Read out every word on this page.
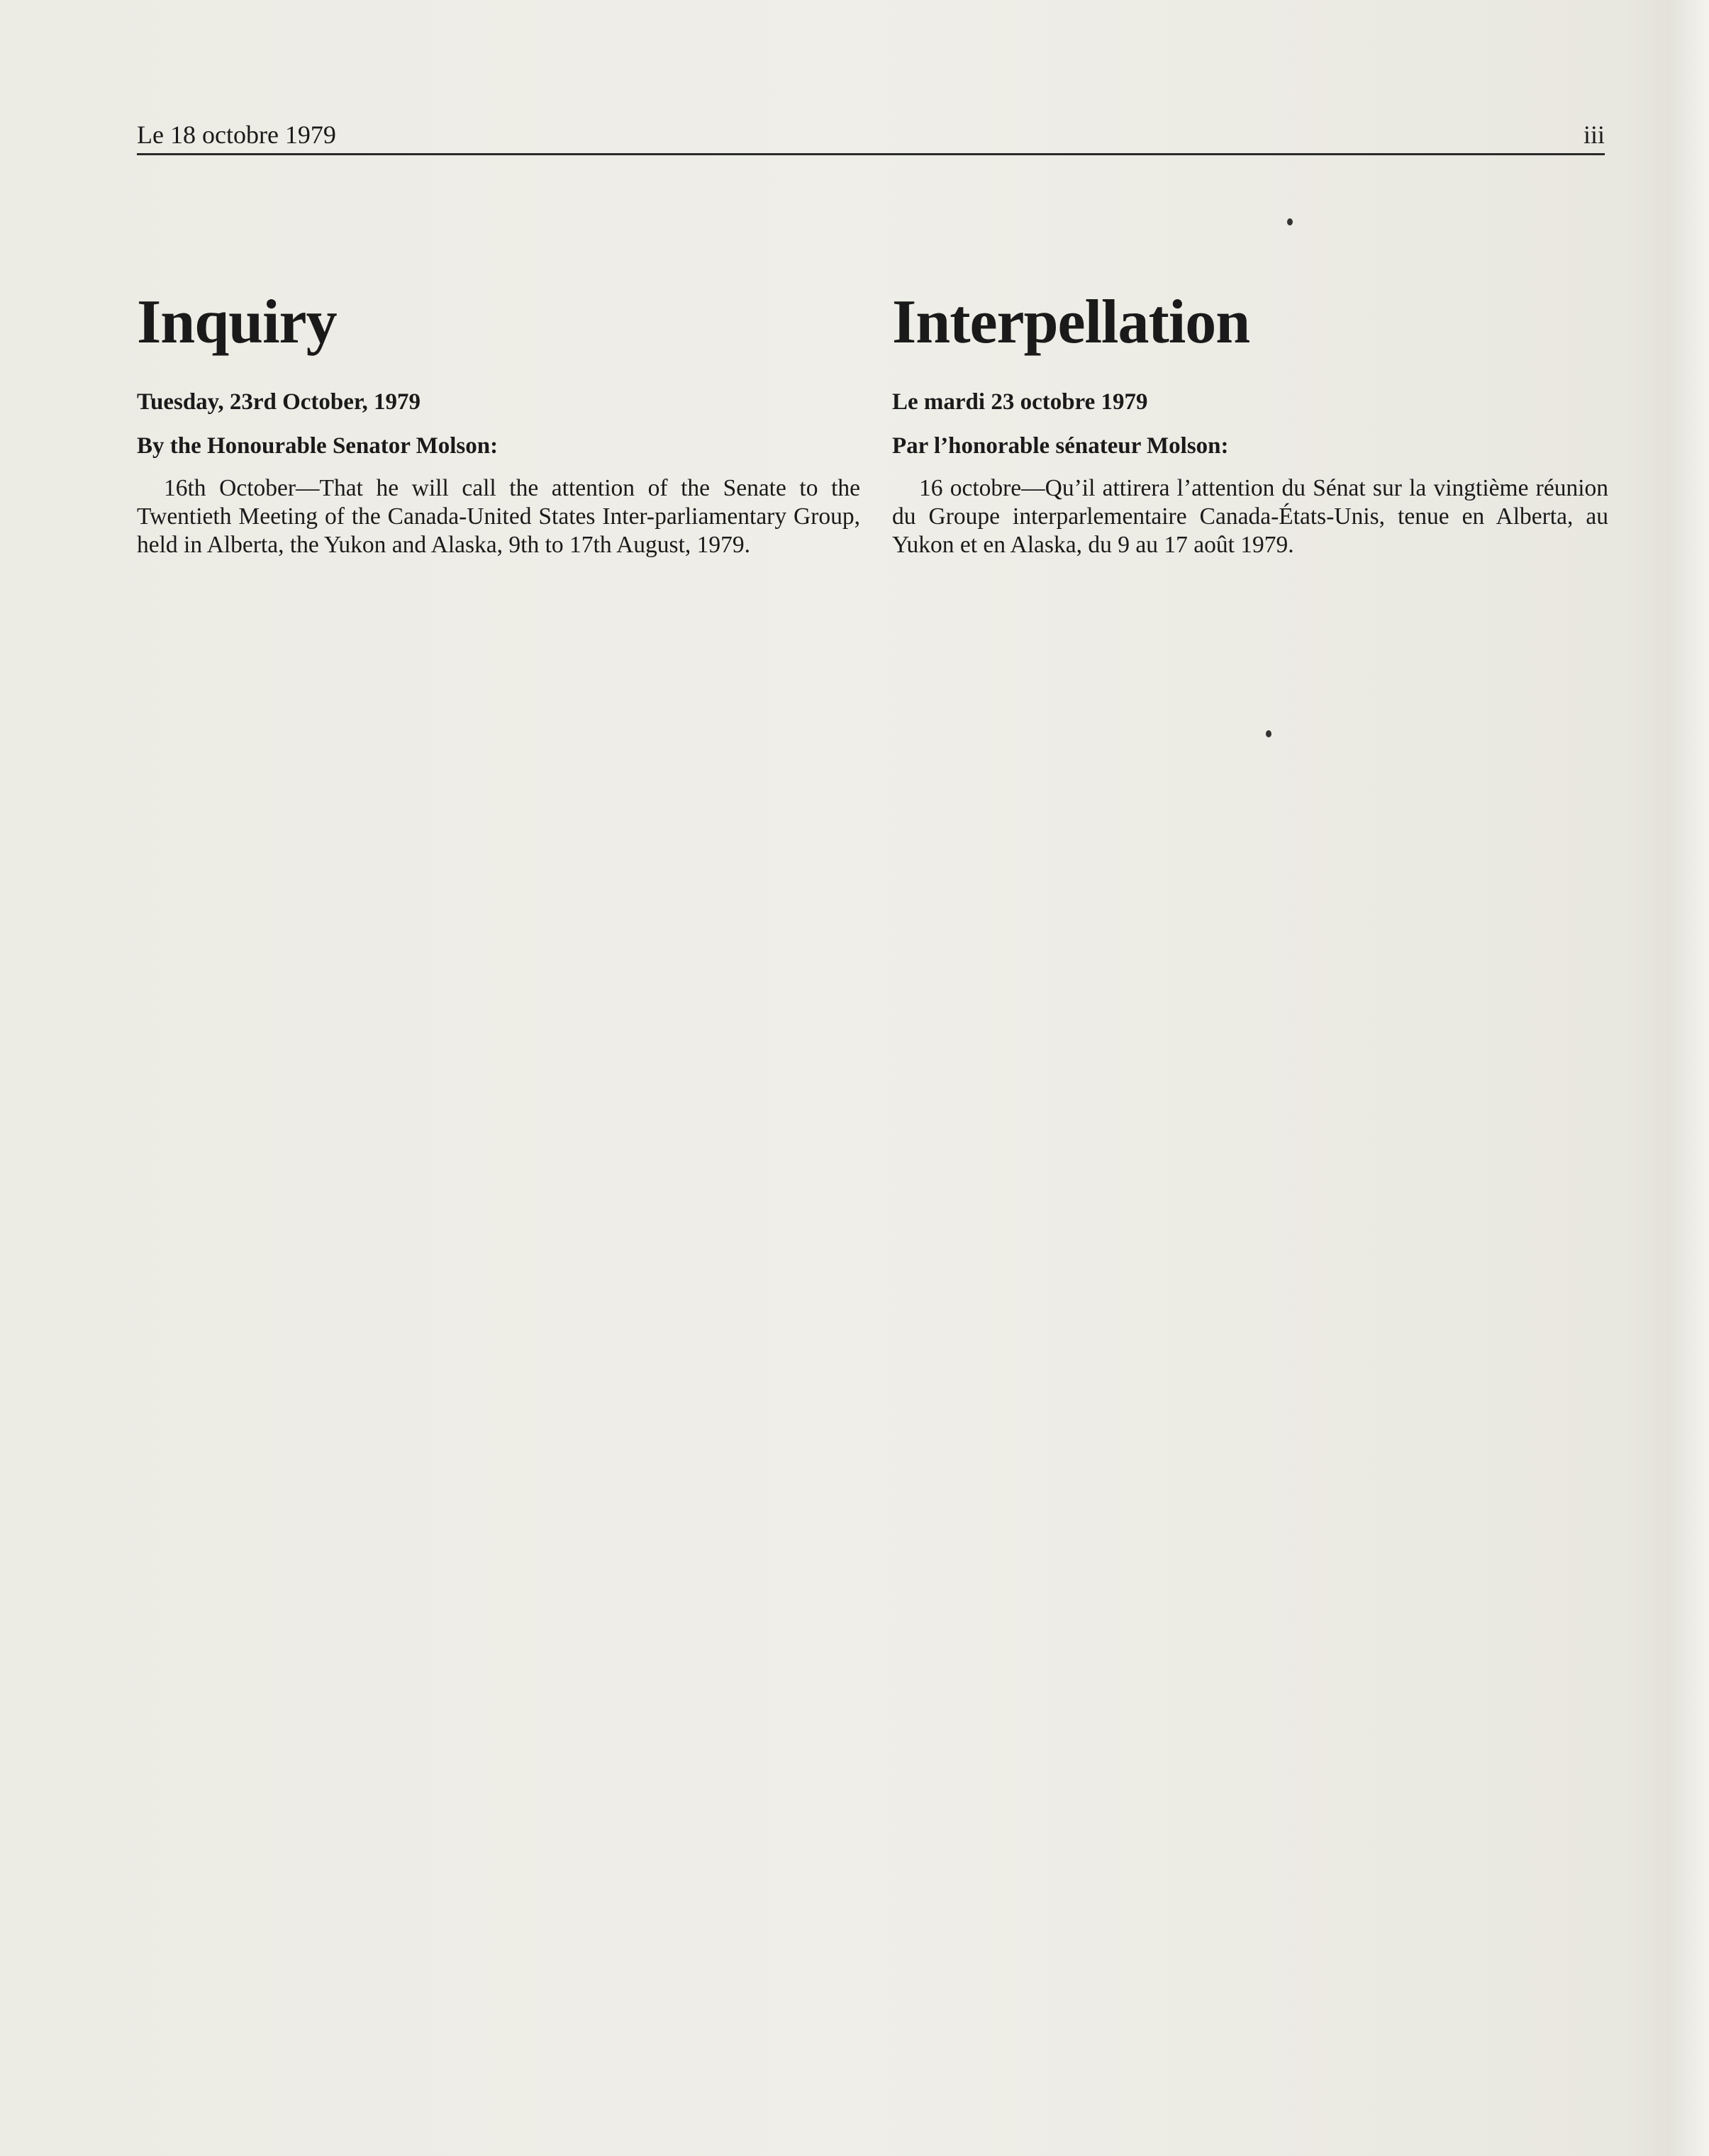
Le 18 octobre 1979	iii
Inquiry

Tuesday, 23rd October, 1979

By the Honourable Senator Molson:

16th October—That he will call the attention of the Senate to the Twentieth Meeting of the Canada-United States Inter-parliamentary Group, held in Alberta, the Yukon and Alaska, 9th to 17th August, 1979.

Interpellation

Le mardi 23 octobre 1979

Par l’honorable sénateur Molson:

16 octobre—Qu’il attirera l’attention du Sénat sur la vingtième réunion du Groupe interparlementaire Canada-États-Unis, tenue en Alberta, au Yukon et en Alaska, du 9 au 17 août 1979.
